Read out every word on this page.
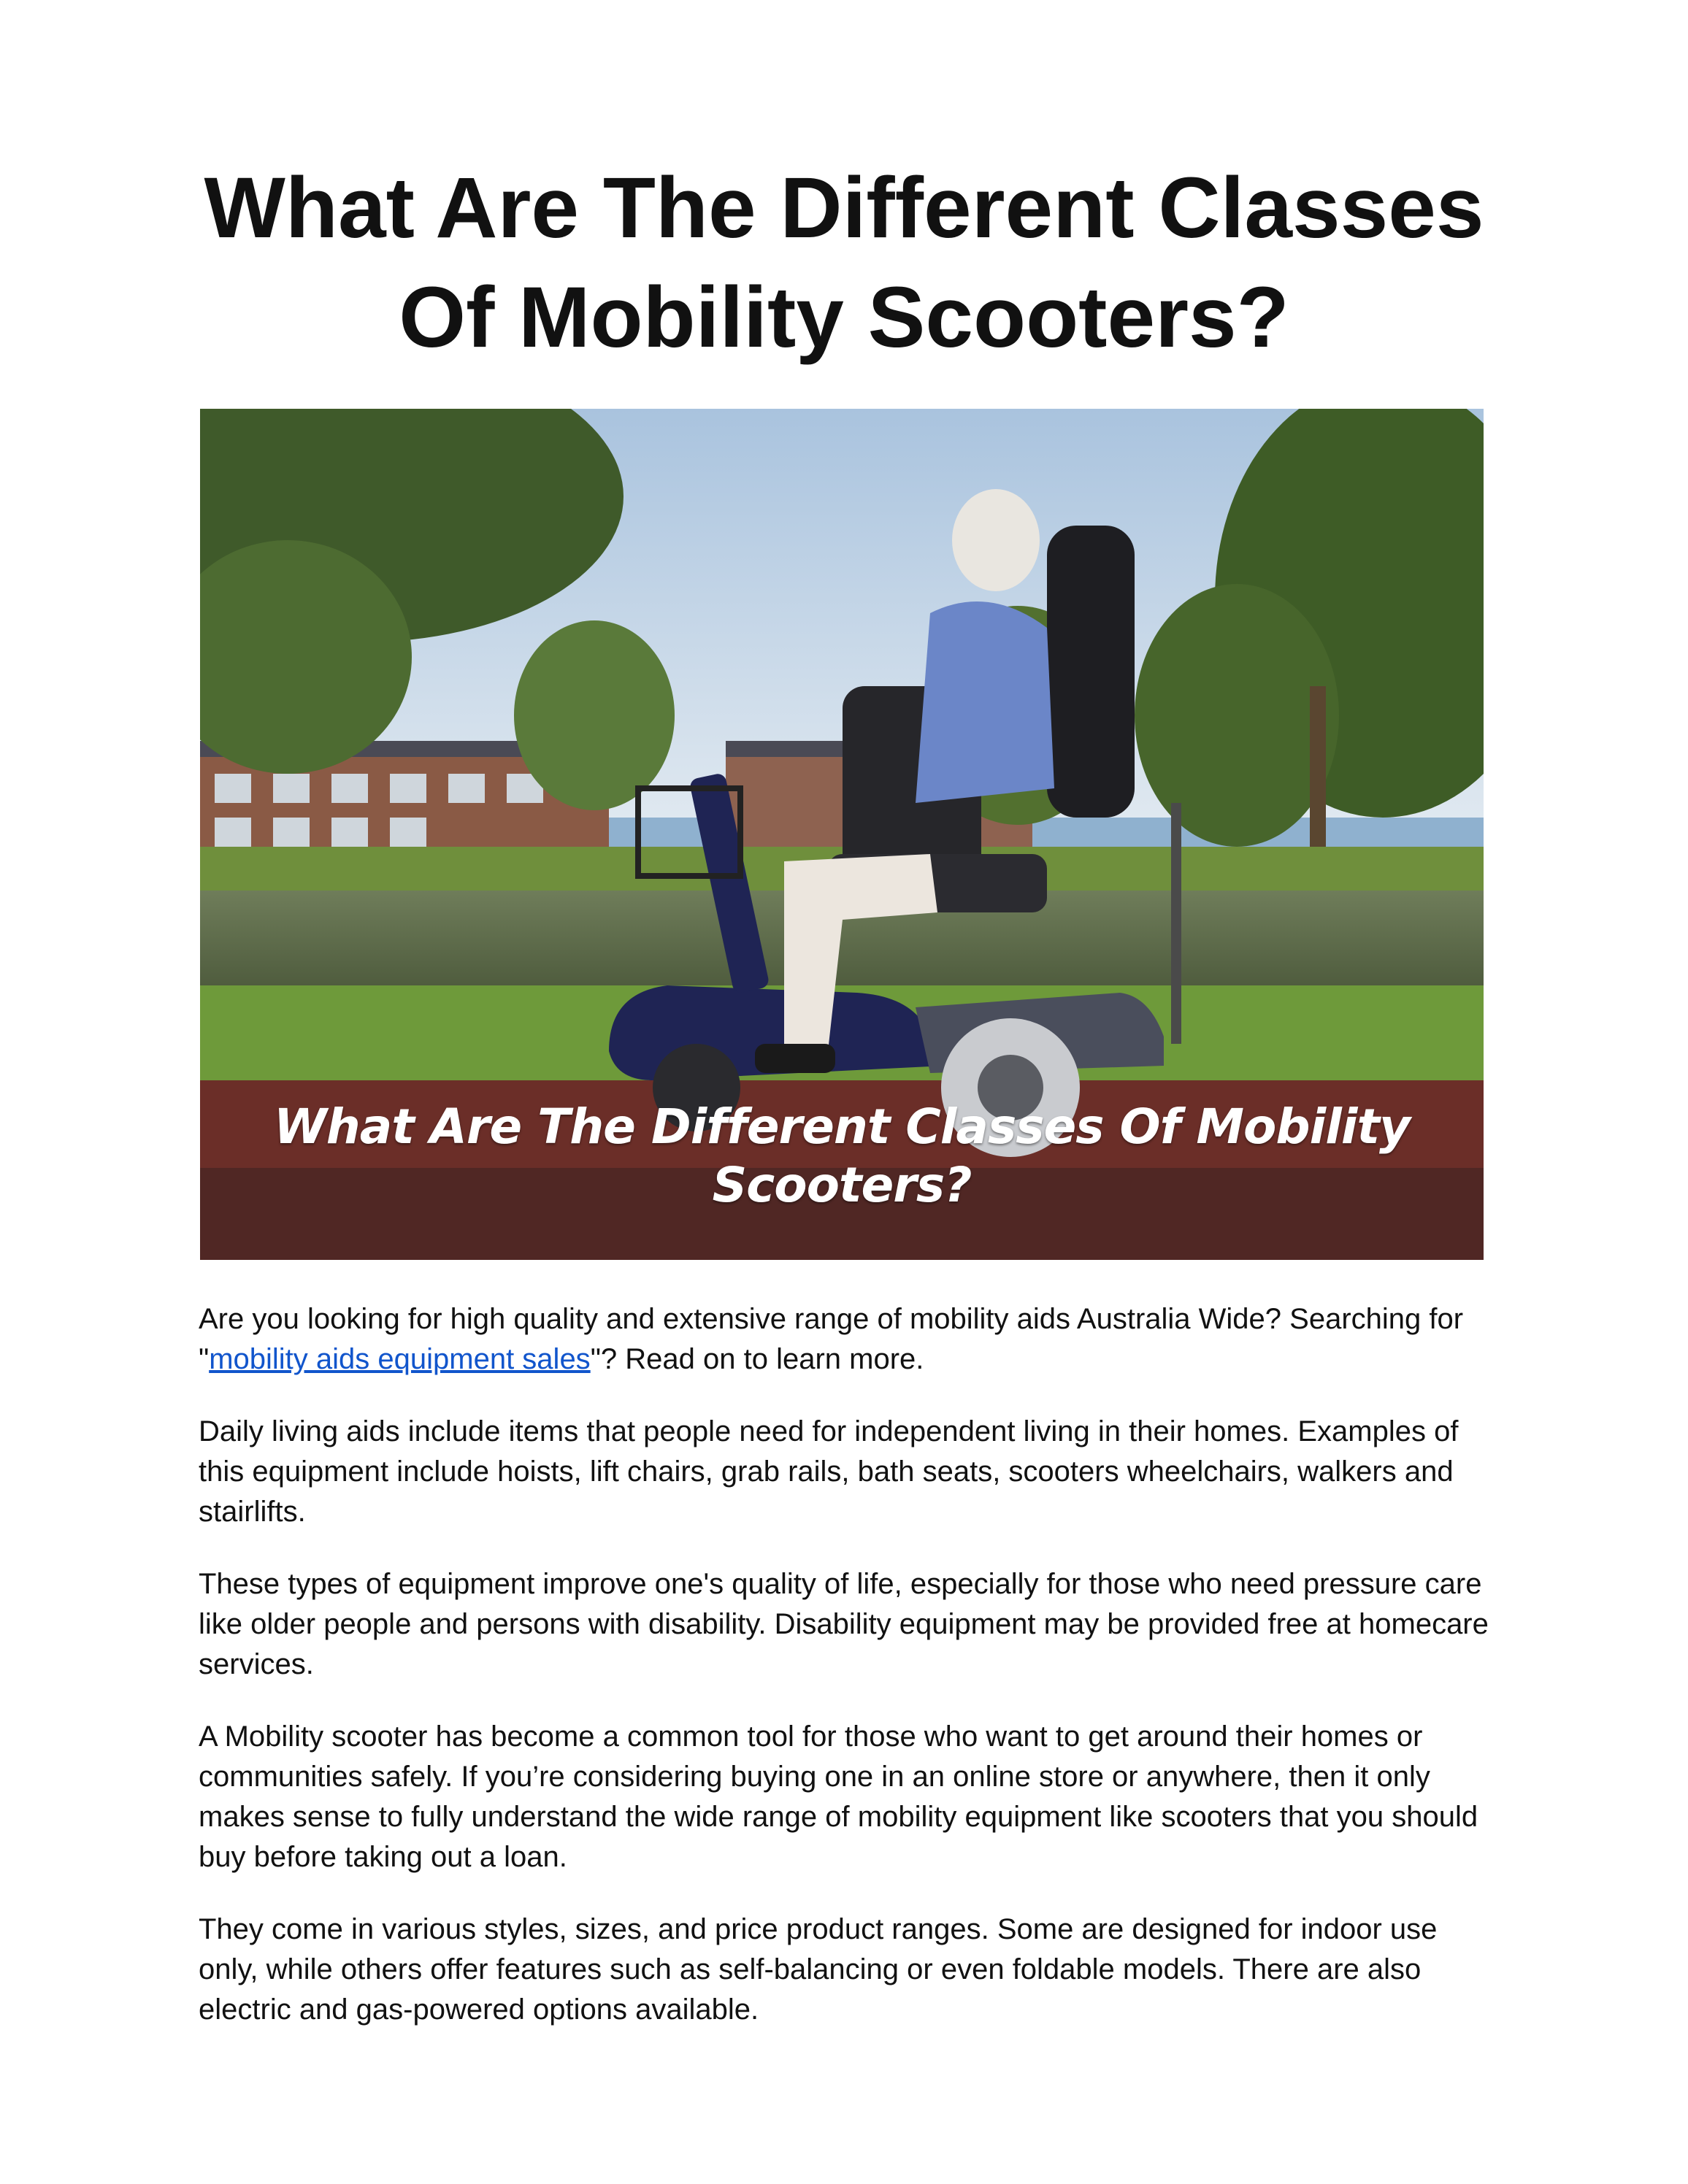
What Are The Different Classes
Of Mobility Scooters?
What Are The Different Classes Of Mobility Scooters?

Are you looking for high quality and extensive range of mobility aids Australia Wide? Searching for "mobility aids equipment sales"? Read on to learn more.

Daily living aids include items that people need for independent living in their homes. Examples of this equipment include hoists, lift chairs, grab rails, bath seats, scooters wheelchairs, walkers and stairlifts.

These types of equipment improve one's quality of life, especially for those who need pressure care like older people and persons with disability. Disability equipment may be provided free at homecare services.

A Mobility scooter has become a common tool for those who want to get around their homes or communities safely. If you’re considering buying one in an online store or anywhere, then it only makes sense to fully understand the wide range of mobility equipment like scooters that you should buy before taking out a loan.

They come in various styles, sizes, and price product ranges. Some are designed for indoor use only, while others offer features such as self-balancing or even foldable models. There are also electric and gas-powered options available.
